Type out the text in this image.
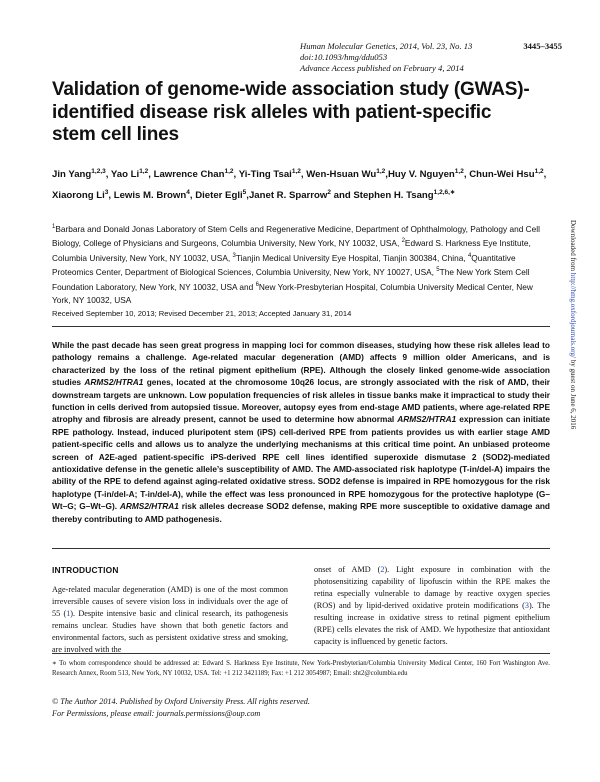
Human Molecular Genetics, 2014, Vol. 23, No. 13	3445–3455
doi:10.1093/hmg/ddu053
Advance Access published on February 4, 2014
Validation of genome-wide association study (GWAS)-identified disease risk alleles with patient-specific stem cell lines
Jin Yang$^{1,2,3}$, Yao Li$^{1,2}$, Lawrence Chan$^{1,2}$, Yi-Ting Tsai$^{1,2}$, Wen-Hsuan Wu$^{1,2}$,Huy V. Nguyen$^{1,2}$, Chun-Wei Hsu$^{1,2}$, Xiaorong Li$^3$, Lewis M. Brown$^4$, Dieter Egli$^5$,Janet R. Sparrow$^2$ and Stephen H. Tsang$^{1,2,6,∗}$
$^1$Barbara and Donald Jonas Laboratory of Stem Cells and Regenerative Medicine, Department of Ophthalmology, Pathology and Cell Biology, College of Physicians and Surgeons, Columbia University, New York, NY 10032, USA, $^2$Edward S. Harkness Eye Institute, Columbia University, New York, NY 10032, USA, $^3$Tianjin Medical University Eye Hospital, Tianjin 300384, China, $^4$Quantitative Proteomics Center, Department of Biological Sciences, Columbia University, New York, NY 10027, USA, $^5$The New York Stem Cell Foundation Laboratory, New York, NY 10032, USA and $^6$New York-Presbyterian Hospital, Columbia University Medical Center, New York, NY 10032, USA
Received September 10, 2013; Revised December 21, 2013; Accepted January 31, 2014
While the past decade has seen great progress in mapping loci for common diseases, studying how these risk alleles lead to pathology remains a challenge. Age-related macular degeneration (AMD) affects 9 million older Americans, and is characterized by the loss of the retinal pigment epithelium (RPE). Although the closely linked genome-wide association studies ARMS2/HTRA1 genes, located at the chromosome 10q26 locus, are strongly associated with the risk of AMD, their downstream targets are unknown. Low population frequencies of risk alleles in tissue banks make it impractical to study their function in cells derived from autopsied tissue. Moreover, autopsy eyes from end-stage AMD patients, where age-related RPE atrophy and fibrosis are already present, cannot be used to determine how abnormal ARMS2/HTRA1 expression can initiate RPE pathology. Instead, induced pluripotent stem (iPS) cell-derived RPE from patients provides us with earlier stage AMD patient-specific cells and allows us to analyze the underlying mechanisms at this critical time point. An unbiased proteome screen of A2E-aged patient-specific iPS-derived RPE cell lines identified superoxide dismutase 2 (SOD2)-mediated antioxidative defense in the genetic allele’s susceptibility of AMD. The AMD-associated risk haplotype (T-in/del-A) impairs the ability of the RPE to defend against aging-related oxidative stress. SOD2 defense is impaired in RPE homozygous for the risk haplotype (T-in/del-A; T-in/del-A), while the effect was less pronounced in RPE homozygous for the protective haplotype (G–Wt–G; G–Wt–G). ARMS2/HTRA1 risk alleles decrease SOD2 defense, making RPE more susceptible to oxidative damage and thereby contributing to AMD pathogenesis.
INTRODUCTION

Age-related macular degeneration (AMD) is one of the most common irreversible causes of severe vision loss in individuals over the age of 55 (1). Despite intensive basic and clinical research, its pathogenesis remains unclear. Studies have shown that both genetic factors and environmental factors, such as persistent oxidative stress and smoking, are involved with the

onset of AMD (2). Light exposure in combination with the photosensitizing capability of lipofuscin within the RPE makes the retina especially vulnerable to damage by reactive oxygen species (ROS) and by lipid-derived oxidative protein modifications (3). The resulting increase in oxidative stress to retinal pigment epithelium (RPE) cells elevates the risk of AMD. We hypothesize that antioxidant capacity is influenced by genetic factors.

∗ To whom correspondence should be addressed at: Edward S. Harkness Eye Institute, New York-Presbyterian/Columbia University Medical Center, 160 Fort Washington Ave. Research Annex, Room 513, New York, NY 10032, USA. Tel: +1 212 3421189; Fax: +1 212 3054987; Email: sht2@columbia.edu
© The Author 2014. Published by Oxford University Press. All rights reserved.
For Permissions, please email: journals.permissions@oup.com
Downloaded from http://hmg.oxfordjournals.org/ by guest on June 6, 2016
